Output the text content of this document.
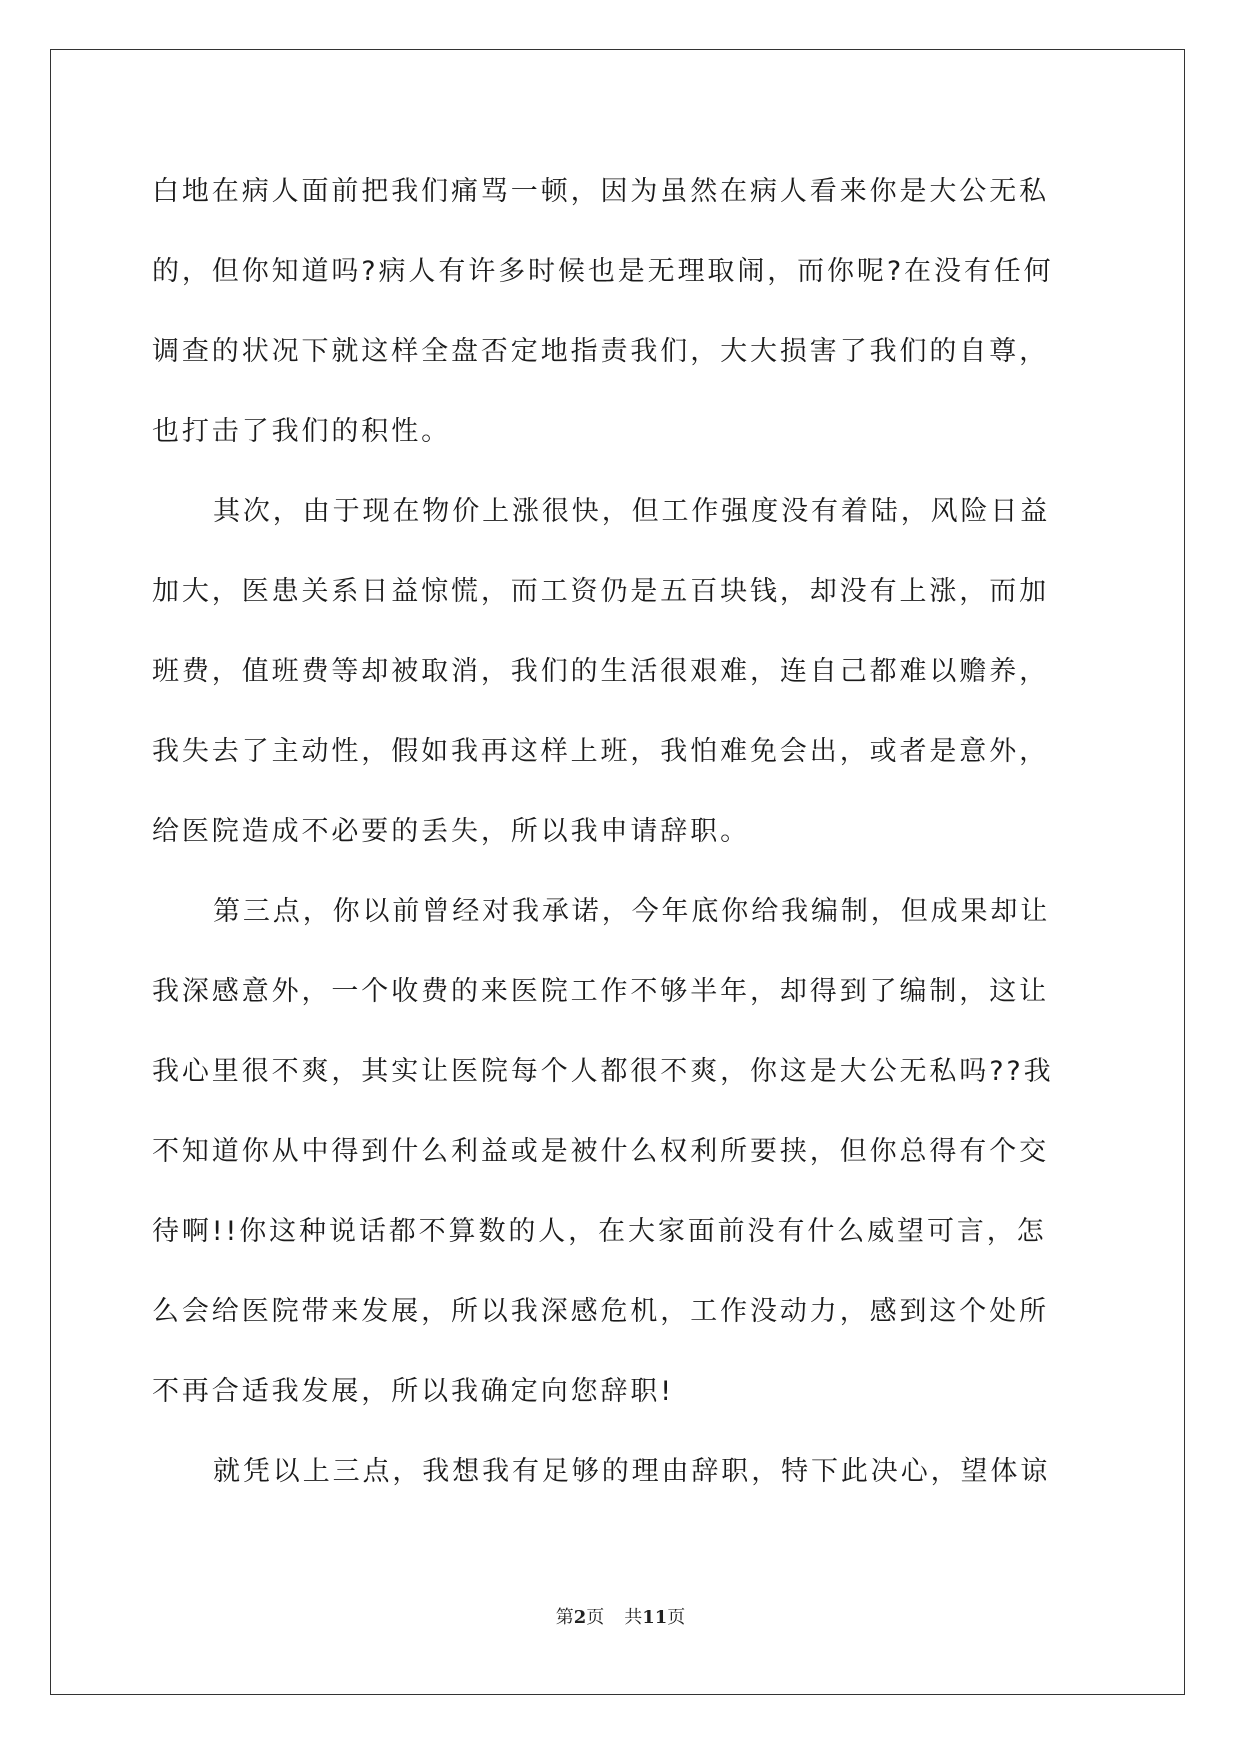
白地在病人面前把我们痛骂一顿，因为虽然在病人看来你是大公无私
的，但你知道吗?病人有许多时候也是无理取闹，而你呢?在没有任何
调查的状况下就这样全盘否定地指责我们，大大损害了我们的自尊，
也打击了我们的积性。
其次，由于现在物价上涨很快，但工作强度没有着陆，风险日益
加大，医患关系日益惊慌，而工资仍是五百块钱，却没有上涨，而加
班费，值班费等却被取消，我们的生活很艰难，连自己都难以赡养，
我失去了主动性，假如我再这样上班，我怕难免会出，或者是意外，
给医院造成不必要的丢失，所以我申请辞职。
第三点，你以前曾经对我承诺，今年底你给我编制，但成果却让
我深感意外，一个收费的来医院工作不够半年，却得到了编制，这让
我心里很不爽，其实让医院每个人都很不爽，你这是大公无私吗??我
不知道你从中得到什么利益或是被什么权利所要挟，但你总得有个交
待啊!!你这种说话都不算数的人，在大家面前没有什么威望可言，怎
么会给医院带来发展，所以我深感危机，工作没动力，感到这个处所
不再合适我发展，所以我确定向您辞职!
就凭以上三点，我想我有足够的理由辞职，特下此决心，望体谅
第2页 共11页
